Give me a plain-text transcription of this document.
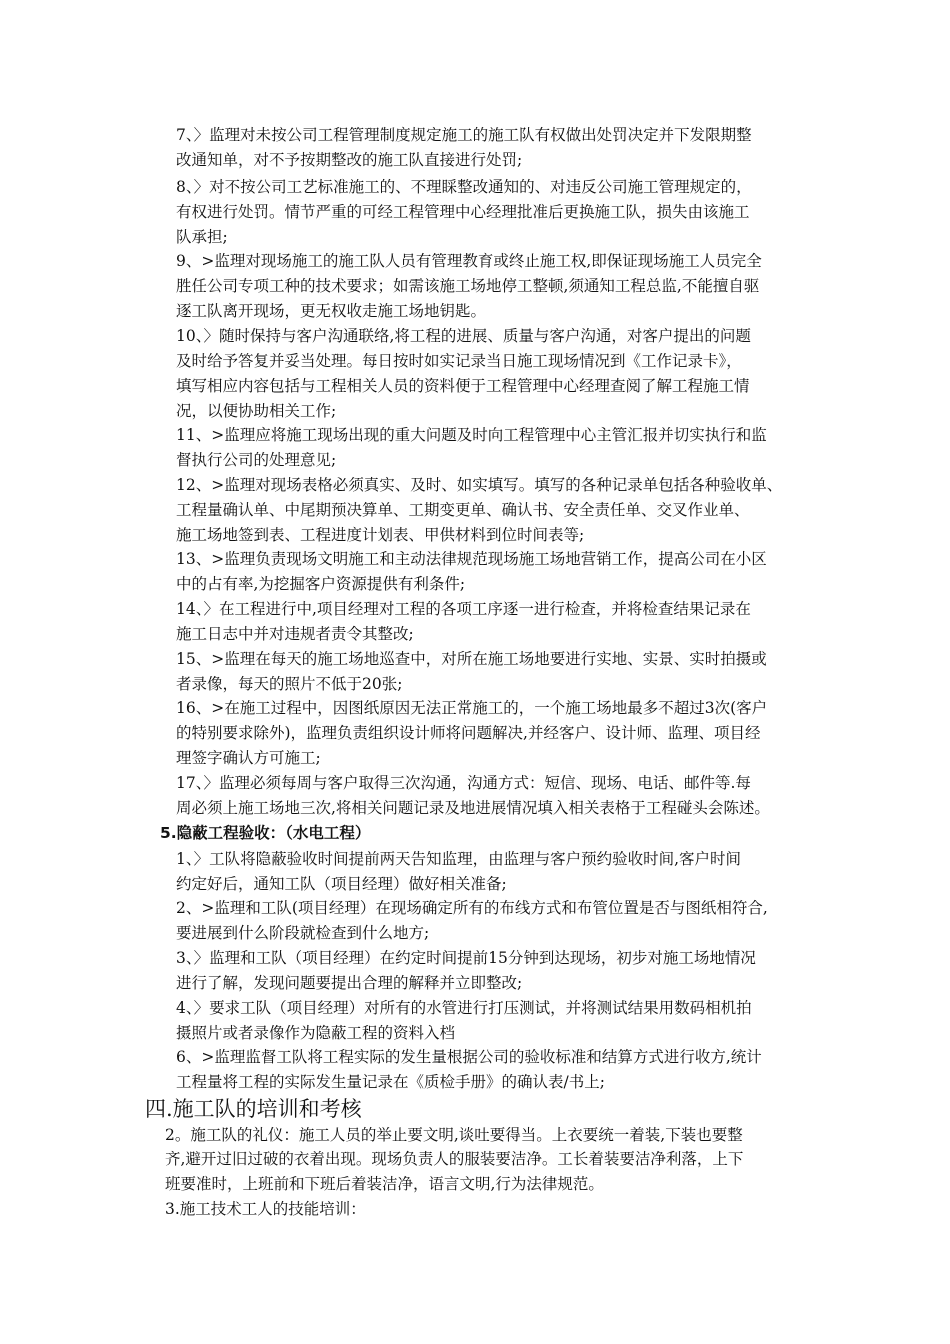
7、〉监理对未按公司工程管理制度规定施工的施工队有权做出处罚决定并下发限期整
改通知单，对不予按期整改的施工队直接进行处罚;
8、〉对不按公司工艺标准施工的、不理睬整改通知的、对违反公司施工管理规定的，
有权进行处罚。情节严重的可经工程管理中心经理批准后更换施工队，损失由该施工
队承担;
9、>监理对现场施工的施工队人员有管理教育或终止施工权,即保证现场施工人员完全
胜任公司专项工种的技术要求；如需该施工场地停工整顿,须通知工程总监,不能擅自驱
逐工队离开现场，更无权收走施工场地钥匙。
10、〉随时保持与客户沟通联络,将工程的进展、质量与客户沟通，对客户提出的问题
及时给予答复并妥当处理。每日按时如实记录当日施工现场情况到《工作记录卡》，
填写相应内容包括与工程相关人员的资料便于工程管理中心经理查阅了解工程施工情
况，以便协助相关工作;
11、>监理应将施工现场出现的重大问题及时向工程管理中心主管汇报并切实执行和监
督执行公司的处理意见;
12、>监理对现场表格必须真实、及时、如实填写。填写的各种记录单包括各种验收单、
工程量确认单、中尾期预决算单、工期变更单、确认书、安全责任单、交叉作业单、
施工场地签到表、工程进度计划表、甲供材料到位时间表等;
13、>监理负责现场文明施工和主动法律规范现场施工场地营销工作，提高公司在小区
中的占有率,为挖掘客户资源提供有利条件;
14、〉在工程进行中,项目经理对工程的各项工序逐一进行检查，并将检查结果记录在
施工日志中并对违规者责令其整改;
15、>监理在每天的施工场地巡查中，对所在施工场地要进行实地、实景、实时拍摄或
者录像，每天的照片不低于20张;
16、>在施工过程中，因图纸原因无法正常施工的，一个施工场地最多不超过3次(客户
的特别要求除外)，监理负责组织设计师将问题解决,并经客户、设计师、监理、项目经
理签字确认方可施工;
17、〉监理必须每周与客户取得三次沟通，沟通方式：短信、现场、电话、邮件等.每
周必须上施工场地三次,将相关问题记录及地进展情况填入相关表格于工程碰头会陈述。
5.隐蔽工程验收：（水电工程）
1、〉工队将隐蔽验收时间提前两天告知监理，由监理与客户预约验收时间,客户时间
约定好后，通知工队（项目经理）做好相关准备;
2、>监理和工队(项目经理）在现场确定所有的布线方式和布管位置是否与图纸相符合,
要进展到什么阶段就检查到什么地方;
3、〉监理和工队（项目经理）在约定时间提前15分钟到达现场，初步对施工场地情况
进行了解，发现问题要提出合理的解释并立即整改;
4、〉要求工队（项目经理）对所有的水管进行打压测试，并将测试结果用数码相机拍
摄照片或者录像作为隐蔽工程的资料入档
6、>监理监督工队将工程实际的发生量根据公司的验收标准和结算方式进行收方,统计
工程量将工程的实际发生量记录在《质检手册》的确认表/书上;
四.施工队的培训和考核
2。施工队的礼仪：施工人员的举止要文明,谈吐要得当。上衣要统一着装,下装也要整
齐,避开过旧过破的衣着出现。现场负责人的服装要洁净。工长着装要洁净利落，上下
班要准时，上班前和下班后着装洁净，语言文明,行为法律规范。
3.施工技术工人的技能培训：
